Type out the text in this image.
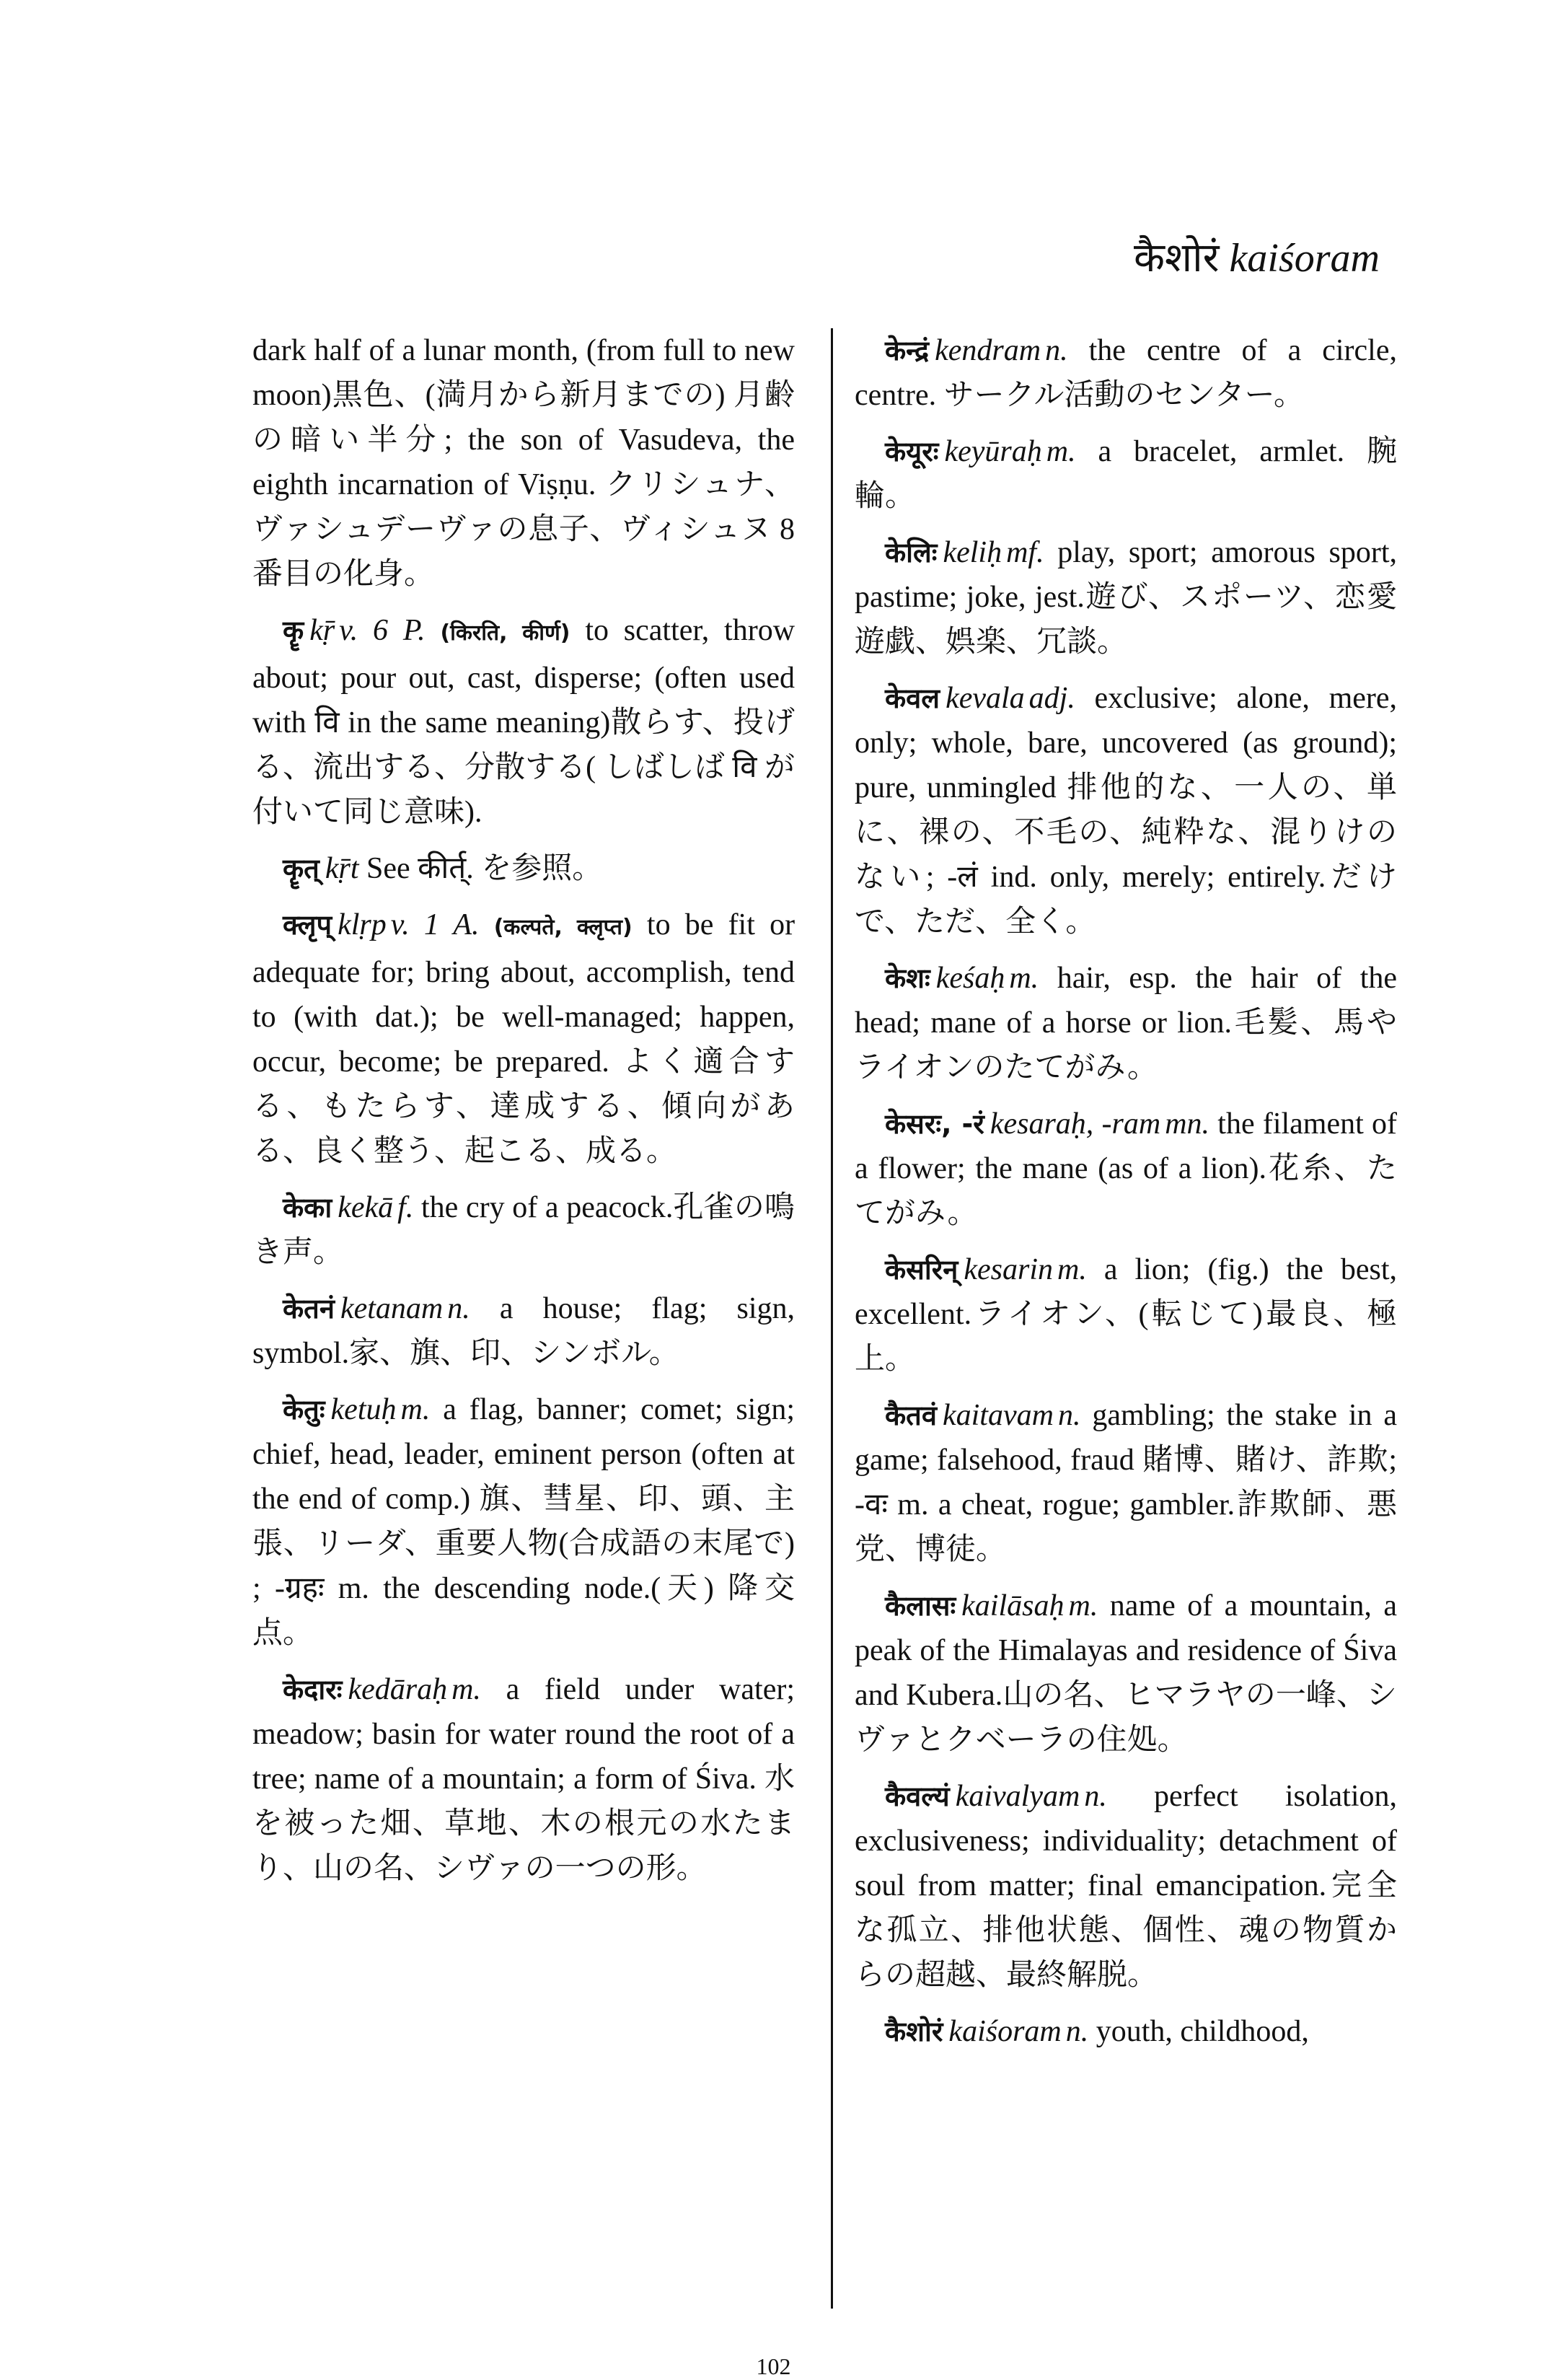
कैशोरं kaiśoram

dark half of a lunar month, (from full to new moon)黒色、(満月から新月までの) 月齢の暗い半分; the son of Vasudeva, the eighth incarnation of Viṣṇu. クリシュナ、ヴァシュデーヴァの息子、ヴィシュヌ 8 番目の化身。

कॄ kṝ v. 6 P. (किरति, कीर्ण) to scatter, throw about; pour out, cast, disperse; (often used with वि in the same meaning)散らす、投げる、流出する、分散する( しばしば वि が 付いて同じ意味).

कॄत् kṝt See कीर्त्. を参照。

क्लृप् klṛp v. 1 A. (कल्पते, क्लृप्त) to be fit or adequate for; bring about, accomplish, tend to (with dat.); be well-managed; happen, occur, become; be prepared. よく適合する、もたらす、達成する、傾向がある、良く整う、起こる、成る。

केका kekā f. the cry of a peacock.孔雀の鳴き声。

केतनं ketanam n. a house; flag; sign, symbol.家、旗、印、シンボル。

केतुः ketuḥ m. a flag, banner; comet; sign; chief, head, leader, eminent person (often at the end of comp.) 旗、彗星、印、頭、主張、リーダ、重要人物(合成語の末尾で) ; -ग्रहः m. the descending node.(天) 降交点。

केदारः kedāraḥ m. a field under water; meadow; basin for water round the root of a tree; name of a mountain; a form of Śiva. 水を被った畑、草地、木の根元の水たまり、山の名、シヴァの一つの形。

केन्द्रं kendram n. the centre of a circle, centre. サークル活動のセンター。

केयूरः keyūraḥ m. a bracelet, armlet. 腕輪。

केलिः keliḥ mf. play, sport; amorous sport, pastime; joke, jest.遊び、スポーツ、恋愛遊戯、娯楽、冗談。

केवल kevala adj. exclusive; alone, mere, only; whole, bare, uncovered (as ground); pure, unmingled 排他的な、一人の、単に、裸の、不毛の、純粋な、混りけのない; -लं ind. only, merely; entirely.だけで、ただ、全く。

केशः keśaḥ m. hair, esp. the hair of the head; mane of a horse or lion.毛髪、馬やライオンのたてがみ。

केसरः, -रं kesaraḥ, -ram mn. the filament of a flower; the mane (as of a lion).花糸、たてがみ。

केसरिन् kesarin m. a lion; (fig.) the best, excellent.ライオン、(転じて)最良、極上。

कैतवं kaitavam n. gambling; the stake in a game; falsehood, fraud 賭博、賭け、詐欺; -वः m. a cheat, rogue; gambler.詐欺師、悪党、博徒。

कैलासः kailāsaḥ m. name of a mountain, a peak of the Himalayas and residence of Śiva and Kubera.山の名、ヒマラヤの一峰、シヴァとクベーラの住処。

कैवल्यं kaivalyam n. perfect isolation, exclusiveness; individuality; detachment of soul from matter; final emancipation.完全な孤立、排他状態、個性、魂の物質からの超越、最終解脱。

कैशोरं kaiśoram n. youth, childhood,

102
